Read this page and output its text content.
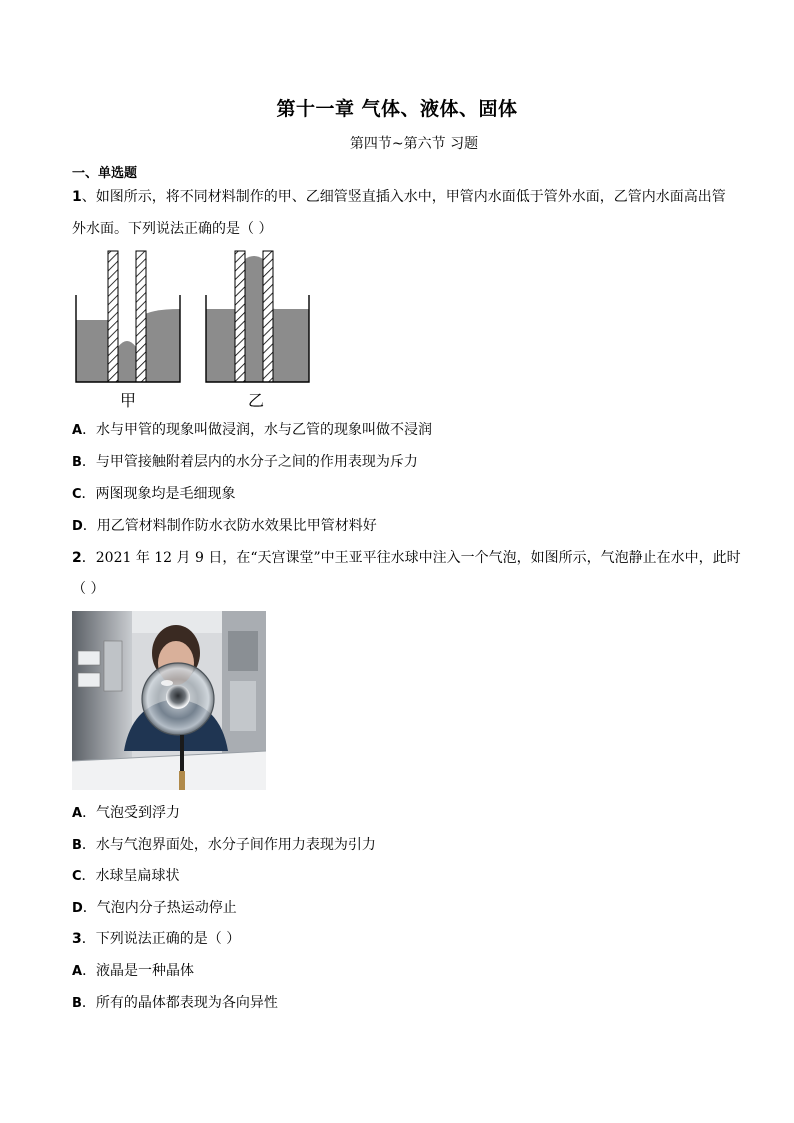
第十一章 气体、液体、固体
第四节~第六节 习题
一、单选题
1、如图所示，将不同材料制作的甲、乙细管竖直插入水中，甲管内水面低于管外水面，乙管内水面高出管
外水面。下列说法正确的是（ ）
甲	乙
A．水与甲管的现象叫做浸润，水与乙管的现象叫做不浸润
B．与甲管接触附着层内的水分子之间的作用表现为斥力
C．两图现象均是毛细现象
D．用乙管材料制作防水衣防水效果比甲管材料好
2．2021 年 12 月 9 日，在“天宫课堂”中王亚平往水球中注入一个气泡，如图所示，气泡静止在水中，此时
（ ）
A．气泡受到浮力
B．水与气泡界面处，水分子间作用力表现为引力
C．水球呈扁球状
D．气泡内分子热运动停止
3．下列说法正确的是（ ）
A．液晶是一种晶体
B．所有的晶体都表现为各向异性
